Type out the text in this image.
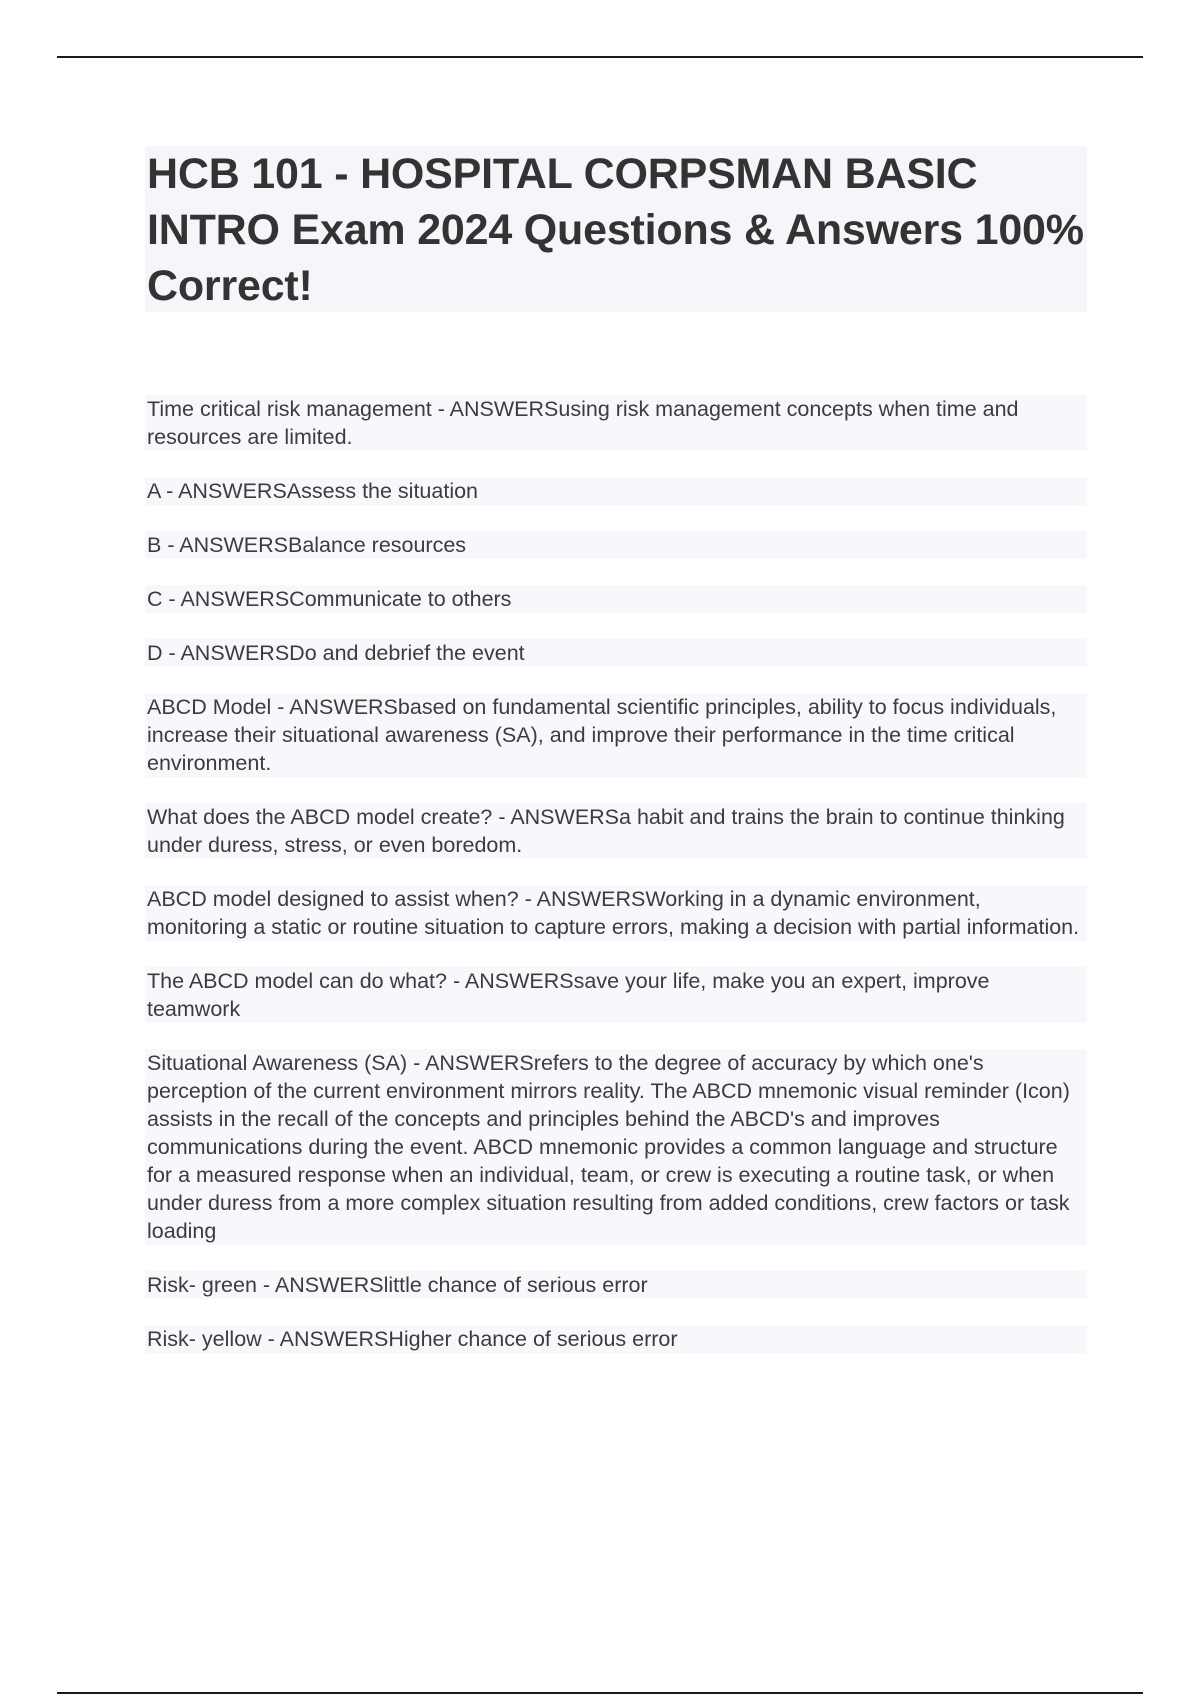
HCB 101 - HOSPITAL CORPSMAN BASIC INTRO Exam 2024 Questions & Answers 100% Correct!

Time critical risk management - ANSWERSusing risk management concepts when time and resources are limited.

A - ANSWERSAssess the situation

B - ANSWERSBalance resources

C - ANSWERSCommunicate to others

D - ANSWERSDo and debrief the event

ABCD Model - ANSWERSbased on fundamental scientific principles, ability to focus individuals, increase their situational awareness (SA), and improve their performance in the time critical environment.

What does the ABCD model create? - ANSWERSa habit and trains the brain to continue thinking under duress, stress, or even boredom.

ABCD model designed to assist when? - ANSWERSWorking in a dynamic environment, monitoring a static or routine situation to capture errors, making a decision with partial information.

The ABCD model can do what? - ANSWERSsave your life, make you an expert, improve teamwork

Situational Awareness (SA) - ANSWERSrefers to the degree of accuracy by which one's perception of the current environment mirrors reality. The ABCD mnemonic visual reminder (Icon) assists in the recall of the concepts and principles behind the ABCD's and improves communications during the event. ABCD mnemonic provides a common language and structure for a measured response when an individual, team, or crew is executing a routine task, or when under duress from a more complex situation resulting from added conditions, crew factors or task loading

Risk- green - ANSWERSlittle chance of serious error

Risk- yellow - ANSWERSHigher chance of serious error
